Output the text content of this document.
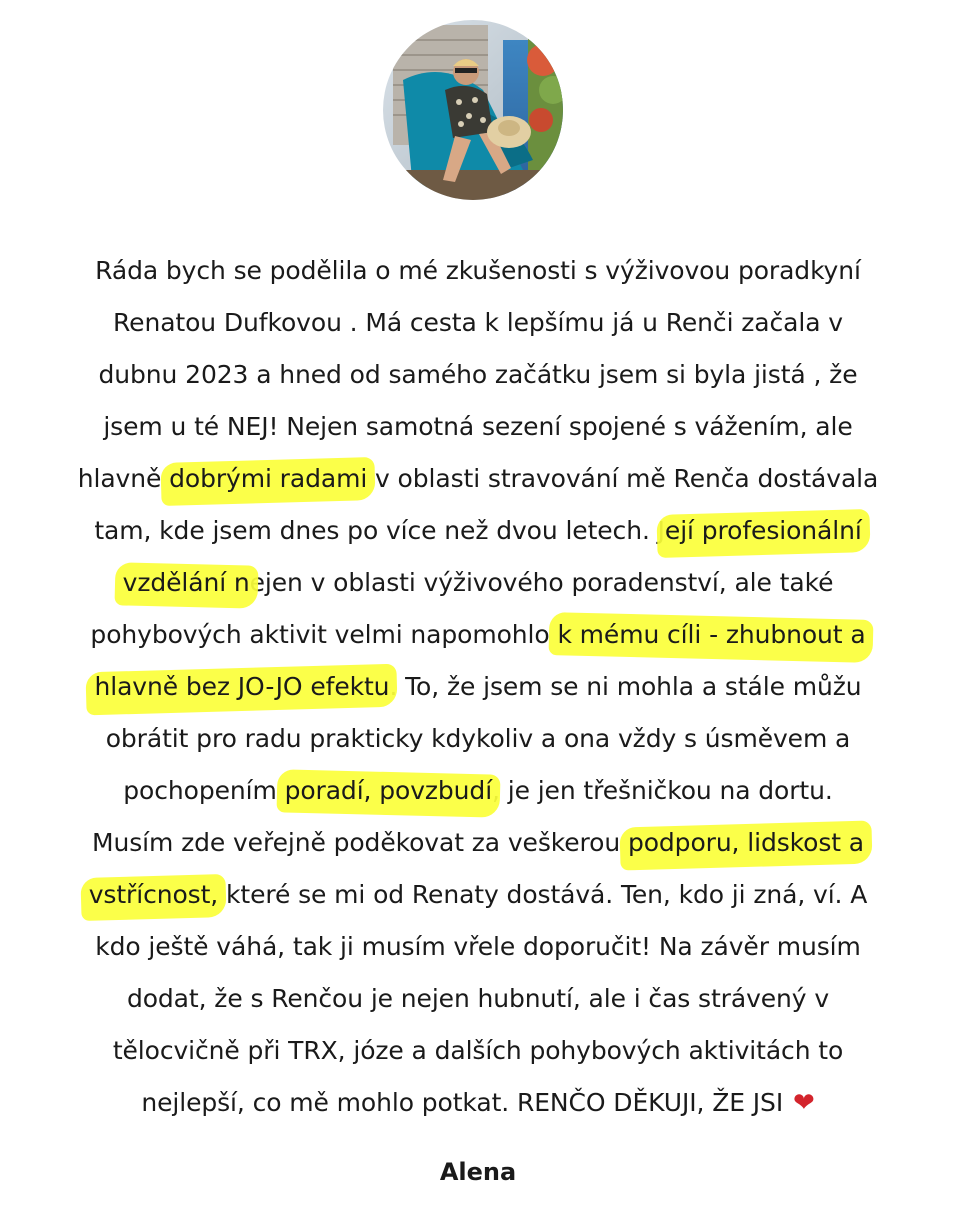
Ráda bych se podělila o mé zkušenosti s výživovou poradkyní
Renatou Dufkovou . Má cesta k lepšímu já u Renči začala v
dubnu 2023 a hned od samého začátku jsem si byla jistá , že
jsem u té NEJ! Nejen samotná sezení spojené s vážením, ale
hlavně dobrými radami v oblasti stravování mě Renča dostávala
tam, kde jsem dnes po více než dvou letech. Její profesionální
vzdělání nejen v oblasti výživového poradenství, ale také
pohybových aktivit velmi napomohlo k mému cíli - zhubnout a
hlavně bez JO-JO efektu. To, že jsem se ni mohla a stále můžu
obrátit pro radu prakticky kdykoliv a ona vždy s úsměvem a
pochopením poradí, povzbudí, je jen třešničkou na dortu.
Musím zde veřejně poděkovat za veškerou podporu, lidskost a
vstřícnost, které se mi od Renaty dostává. Ten, kdo ji zná, ví. A
kdo ještě váhá, tak ji musím vřele doporučit! Na závěr musím
dodat, že s Renčou je nejen hubnutí, ale i čas strávený v
tělocvičně při TRX, józe a dalších pohybových aktivitách to
nejlepší, co mě mohlo potkat. RENČO DĚKUJI, ŽE JSI ❤
Alena
